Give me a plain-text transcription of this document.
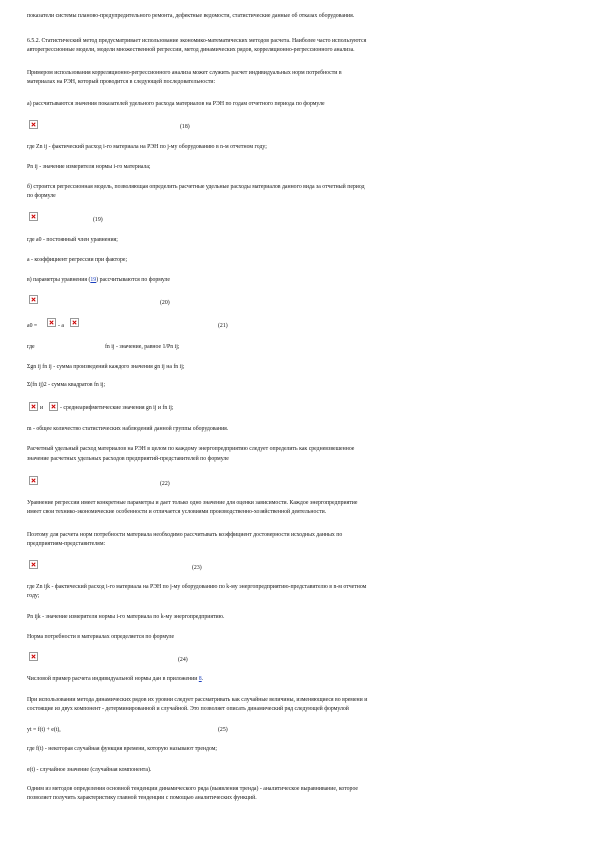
показатели системы планово-предупредительного ремонта, дефектные ведомости, статистические данные об отказах оборудования.
6.5.2. Статистический метод предусматривает использование экономико-математических методов расчета. Наиболее часто используются
авторегрессионные модели, модели множественной регрессии, метод динамических рядов, корреляционно-регрессионного анализа.
Примером использования корреляционно-регрессионного анализа может служить расчет индивидуальных норм потребности в
материалах на РЭН, который проводится в следующей последовательности:
а) рассчитываются значения показателей удельного расхода материалов на РЭН по годам отчетного периода по формуле
(18)
где Zn ij - фактический расход i-го материала на РЭН по j-му оборудованию в n-м отчетном году;
Pn ij - значение измерителя нормы i-го материала;
б) строится регрессионная модель, позволяющая определить расчетные удельные расходы материалов данного вида за отчетный период
по формуле
(19)
где a0 - постоянный член уравнения;
a - коэффициент регрессии при факторе;
в) параметры уравнения (19) рассчитываются по формуле
(20)
a0 =	- a	(21)
где	fn ij - значение, равное 1/Pn ij;
Σgn ij fn ij - сумма произведений каждого значения gn ij на fn ij;
Σ(fn ij)2 - сумма квадратов fn ij;
и	- среднеарифметические значения gn ij и fn ij;
m - общее количество статистических наблюдений данной группы оборудования.
Расчетный удельный расход материалов на РЭН в целом по каждому энергопредприятию следует определить как средневзвешенное
значение расчетных удельных расходов предприятий-представителей по формуле
(22)
Уравнение регрессии имеет конкретные параметры и дает только одно значение для оценки зависимости. Каждое энергопредприятие
имеет свои технико-экономические особенности и отличается условиями производственно-хозяйственной деятельности.
Поэтому для расчета норм потребности материала необходимо рассчитывать коэффициент достоверности исходных данных по
предприятиям-представителям:
(23)
где Zn ijk - фактический расход i-го материала на РЭН по j-му оборудованию по k-му энергопредприятию-представителю в n-м отчетном
году;
Pn ijk - значение измерителя нормы i-го материала по k-му энергопредприятию.
Норма потребности в материалах определяется по формуле
(24)
Числовой пример расчета индивидуальной нормы дан в приложении 8.
При использовании метода динамических рядов их уровни следует рассматривать как случайные величины, изменяющиеся во времени и
состоящие из двух компонент - детерминированной и случайной. Это позволяет описать динамический ряд следующей формулой
yt = f(t) + e(t),	(25)
где f(t) - некоторая случайная функция времени, которую называют трендом;
e(t) - случайное значение (случайная компонента).
Одним из методов определения основной тенденции динамического ряда (выявления тренда) - аналитическое выравнивание, которое
позволяет получить характеристику главной тенденции с помощью аналитических функций.
